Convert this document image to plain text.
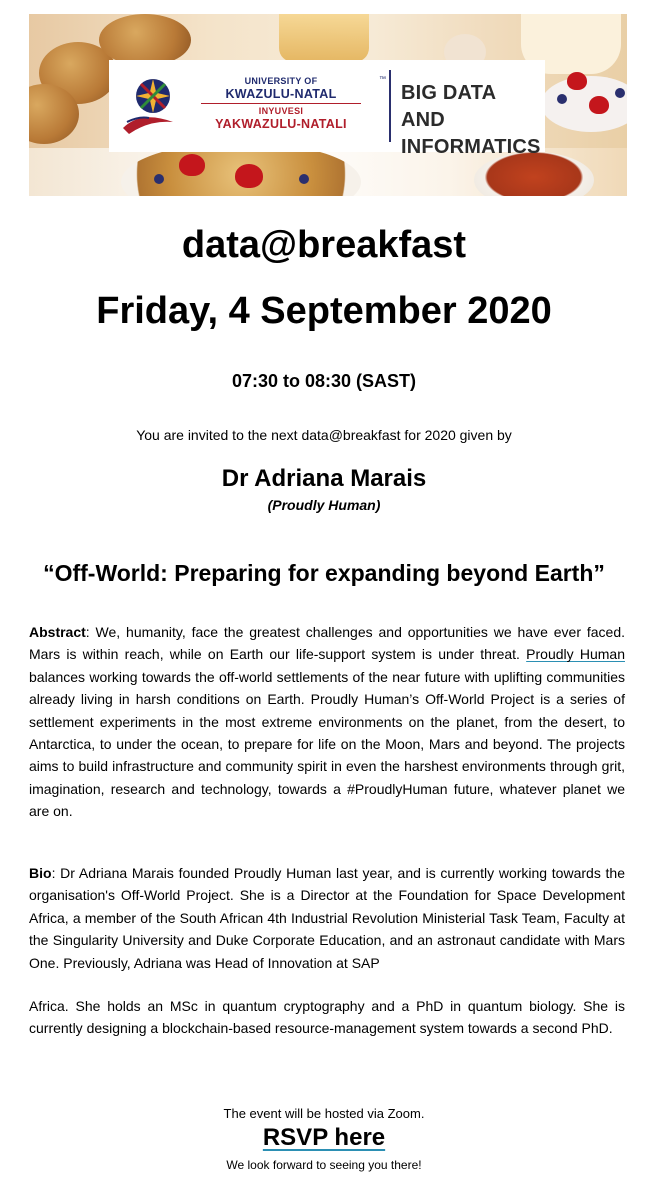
UNIVERSITY OF
KWAZULU-NATAL
INYUVESI
YAKWAZULU-NATALI
™
BIG DATA
AND INFORMATICS
data@breakfast
Friday, 4 September 2020
07:30 to 08:30 (SAST)
You are invited to the next data@breakfast for 2020 given by
Dr Adriana Marais
(Proudly Human)
“Off-World: Preparing for expanding beyond Earth”
Abstract: We, humanity, face the greatest challenges and opportunities we have ever faced. Mars is within reach, while on Earth our life-support system is under threat. Proudly Human balances working towards the off-world settlements of the near future with uplifting communities already living in harsh conditions on Earth. Proudly Human’s Off-World Project is a series of settlement experiments in the most extreme environments on the planet, from the desert, to Antarctica, to under the ocean, to prepare for life on the Moon, Mars and beyond. The projects aims to build infrastructure and community spirit in even the harshest environments through grit, imagination, research and technology, towards a #ProudlyHuman future, whatever planet we are on.
Bio: Dr Adriana Marais founded Proudly Human last year, and is currently working towards the organisation's Off-World Project. She is a Director at the Foundation for Space Development Africa, a member of the South African 4th Industrial Revolution Ministerial Task Team, Faculty at the Singularity University and Duke Corporate Education, and an astronaut candidate with Mars One. Previously, Adriana was Head of Innovation at SAP
Africa. She holds an MSc in quantum cryptography and a PhD in quantum biology. She is currently designing a blockchain-based resource-management system towards a second PhD.
The event will be hosted via Zoom.
RSVP here
We look forward to seeing you there!
